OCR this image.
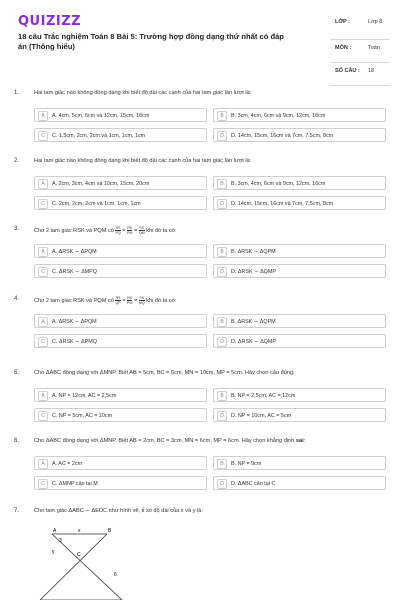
QUIZIZZ
18 câu Trắc nghiệm Toán 8 Bài 5: Trường hợp đồng dạng thứ nhất có đáp án (Thông hiểu)
LỚP :	Lớp 8
MÔN :	Toán
SỐ CÂU : 18
1.	Hai tam giác nào không đồng dạng khi biết độ dài các cạnh của hai tam giác lần lượt là:
A	A. 4cm, 5cm, 6cm và 12cm, 15cm, 18cm	B	B. 3cm, 4cm, 6cm và 9cm, 12cm, 18cm
C	C. 1,5cm, 2cm, 2cm và 1cm, 1cm, 1cm	D	D. 14cm, 15cm, 16cm và 7cm, 7,5cm, 8cm
2.	Hai tam giác nào không đồng dạng khi biết độ dài các cạnh của hai tam giác lần lượt là:
A	A. 2cm, 3cm, 4cm và 10cm, 15cm, 20cm	B	B. 3cm, 4cm, 6cm và 9cm, 12cm, 16cm
C	C. 2cm, 2cm, 2cm và 1cm, 1cm, 1cm	D	D. 14cm, 15cm, 16cm và 7cm, 7,5cm, 8cm
3.	Cho 2 tam giác RSK và PQM có $\frac{RS}{PQ} = \frac{RK}{PM} = \frac{SK}{QM}$ khi đó ta có:
A	A. ΔRSK ∽ ΔPQM	B	B. ΔRSK ∽ ΔQPM
C	C. ΔRSK ∽ ΔMPQ	D	D. ΔRSK ∽ ΔQMP
4.	Cho 2 tam giác RSK và PQM có $\frac{RS}{QP} = \frac{RK}{PM} = \frac{SK}{MQ}$ khi đó ta có:
A	A. ΔRSK ∽ ΔPQM	B	B. ΔRSK ∽ ΔQPM
C	C. ΔRSK ∽ ΔPMQ	D	D. ΔRSK ∽ ΔQMP
5.	Cho ΔABC đồng dạng với ΔMNP. Biết AB = 5cm, BC = 6cm, MN = 10cm, MP = 5cm. Hãy chọn câu đúng:
A	A. NP = 12cm, AC = 2,5cm	B	B. NP = 2,5cm, AC = 12cm
C	C. NP = 5cm, AC = 10cm	D	D. NP = 10cm, AC = 5cm
6.	Cho ΔABC đồng dạng với ΔMNP. Biết AB = 2cm, BC = 3cm, MN = 6cm, MP = 6cm. Hãy chọn khẳng định sai:
A	A. AC = 2cm	B	B. NP = 9cm
C	C. ΔMNP cân tại M	D	D. ΔABC cân tại C
7.	Cho tam giác ΔABC ∽ ΔEDC như hình vẽ, tỉ số độ dài của x và y là:
A	x	B
3
y	C
6
